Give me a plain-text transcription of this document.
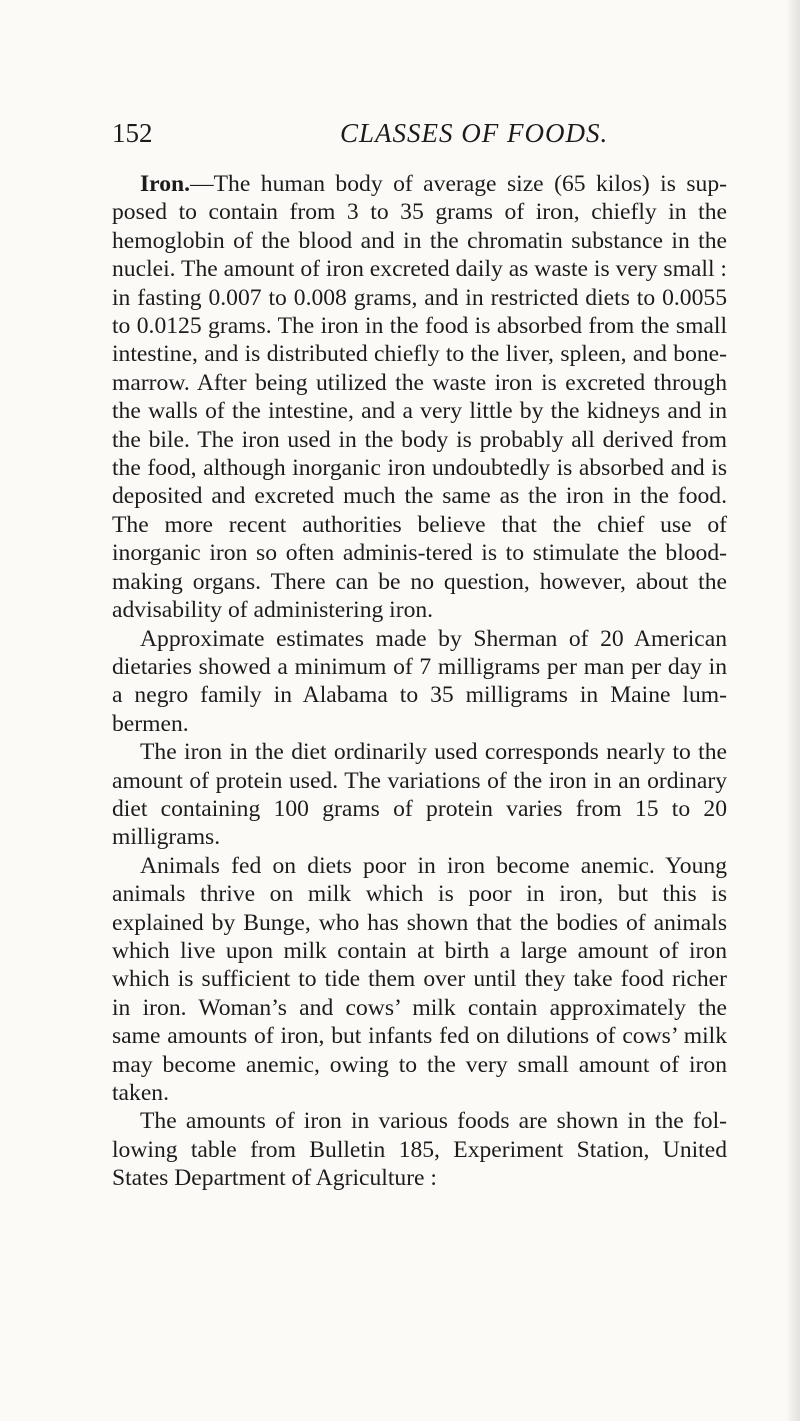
152	CLASSES OF FOODS.

Iron.—The human body of average size (65 kilos) is sup-posed to contain from 3 to 35 grams of iron, chiefly in the hemoglobin of the blood and in the chromatin substance in the nuclei. The amount of iron excreted daily as waste is very small : in fasting 0.007 to 0.008 grams, and in restricted diets to 0.0055 to 0.0125 grams. The iron in the food is absorbed from the small intestine, and is distributed chiefly to the liver, spleen, and bone-marrow. After being utilized the waste iron is excreted through the walls of the intestine, and a very little by the kidneys and in the bile. The iron used in the body is probably all derived from the food, although inorganic iron undoubtedly is absorbed and is deposited and excreted much the same as the iron in the food. The more recent authorities believe that the chief use of inorganic iron so often adminis-tered is to stimulate the blood-making organs. There can be no question, however, about the advisability of administering iron.

Approximate estimates made by Sherman of 20 American dietaries showed a minimum of 7 milligrams per man per day in a negro family in Alabama to 35 milligrams in Maine lum-bermen.

The iron in the diet ordinarily used corresponds nearly to the amount of protein used. The variations of the iron in an ordinary diet containing 100 grams of protein varies from 15 to 20 milligrams.

Animals fed on diets poor in iron become anemic. Young animals thrive on milk which is poor in iron, but this is explained by Bunge, who has shown that the bodies of animals which live upon milk contain at birth a large amount of iron which is sufficient to tide them over until they take food richer in iron. Woman’s and cows’ milk contain approximately the same amounts of iron, but infants fed on dilutions of cows’ milk may become anemic, owing to the very small amount of iron taken.

The amounts of iron in various foods are shown in the fol-lowing table from Bulletin 185, Experiment Station, United States Department of Agriculture :
